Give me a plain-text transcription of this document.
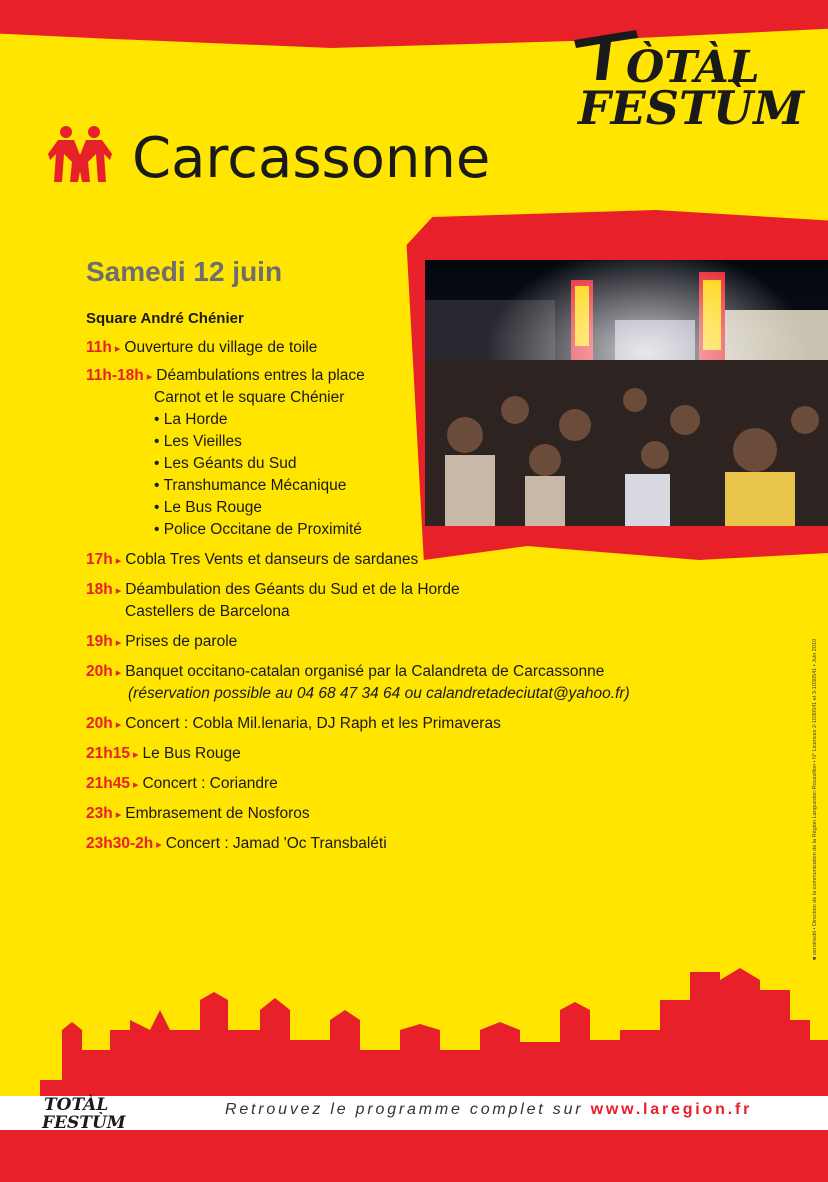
ÒTÀL
FESTÙM
Carcassonne
Samedi 12 juin
Square André Chénier
11h ▸ Ouverture du village de toile
11h-18h ▸ Déambulations entres la place
Carnot et le square Chénier
• La Horde
• Les Vieilles
• Les Géants du Sud
• Transhumance Mécanique
• Le Bus Rouge
• Police Occitane de Proximité
17h ▸ Cobla Tres Vents et danseurs de sardanes
18h ▸ Déambulation des Géants du Sud et de la Horde
Castellers de Barcelona
19h ▸ Prises de parole
20h ▸ Banquet occitano-catalan organisé par la Calandreta de Carcassonne
(réservation possible au 04 68 47 34 64 ou calandretadeciutat@yahoo.fr)
20h ▸ Concert : Cobla Mil.lenaria, DJ Raph et les Primaveras
21h15 ▸ Le Bus Rouge
21h45 ▸ Concert : Coriandre
23h ▸ Embrasement de Nosforos
23h30-2h ▸ Concert : Jamad 'Oc Transbaléti
TOTÀL
FESTÙM
Retrouvez le programme complet sur www.laregion.fr
■ oeroinedit • Direction de la communication de la Région Languedoc-Roussillon • N° Licences 2-1030541 et 3-1030541 • Juin 2010
